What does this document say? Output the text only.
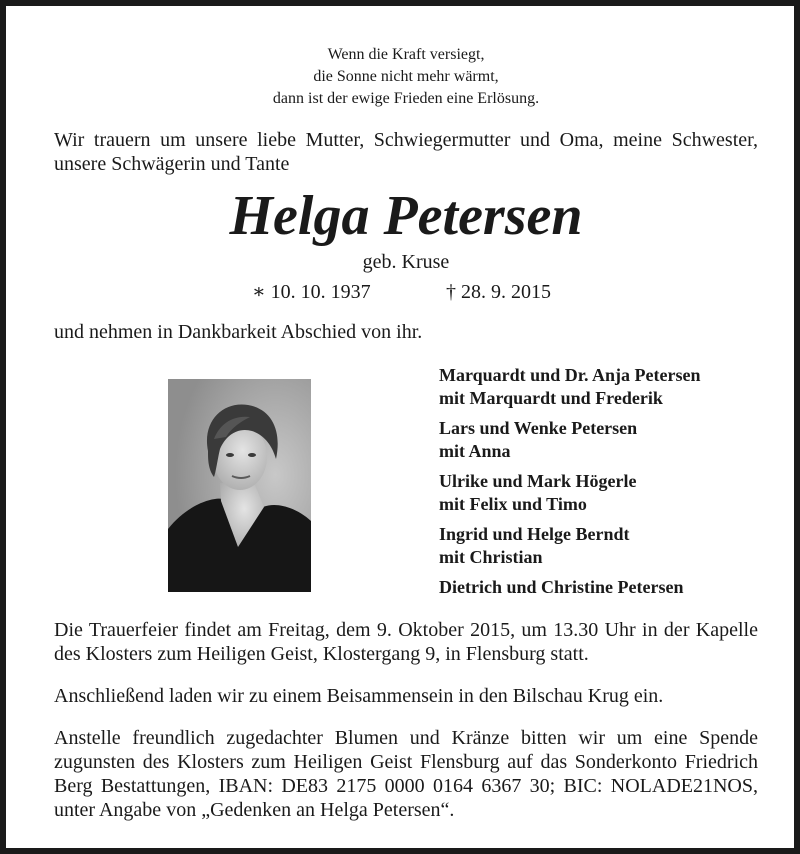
Wenn die Kraft versiegt,
die Sonne nicht mehr wärmt,
dann ist der ewige Frieden eine Erlösung.
Wir trauern um unsere liebe Mutter, Schwiegermutter und Oma, meine Schwester, unsere Schwägerin und Tante
Helga Petersen
geb. Kruse
∗ 10. 10. 1937	† 28. 9. 2015
und nehmen in Dankbarkeit Abschied von ihr.
Marquardt und Dr. Anja Petersen
mit Marquardt und Frederik
Lars und Wenke Petersen
mit Anna
Ulrike und Mark Högerle
mit Felix und Timo
Ingrid und Helge Berndt
mit Christian
Dietrich und Christine Petersen
Die Trauerfeier findet am Freitag, dem 9. Oktober 2015, um 13.30 Uhr in der Kapelle des Klosters zum Heiligen Geist, Klostergang 9, in Flensburg statt.
Anschließend laden wir zu einem Beisammensein in den Bilschau Krug ein.
Anstelle freundlich zugedachter Blumen und Kränze bitten wir um eine Spende zugunsten des Klosters zum Heiligen Geist Flensburg auf das Sonderkonto Friedrich Berg Bestattungen, IBAN: DE83 2175 0000 0164 6367 30; BIC: NOLADE21NOS, unter Angabe von „Gedenken an Helga Petersen“.
